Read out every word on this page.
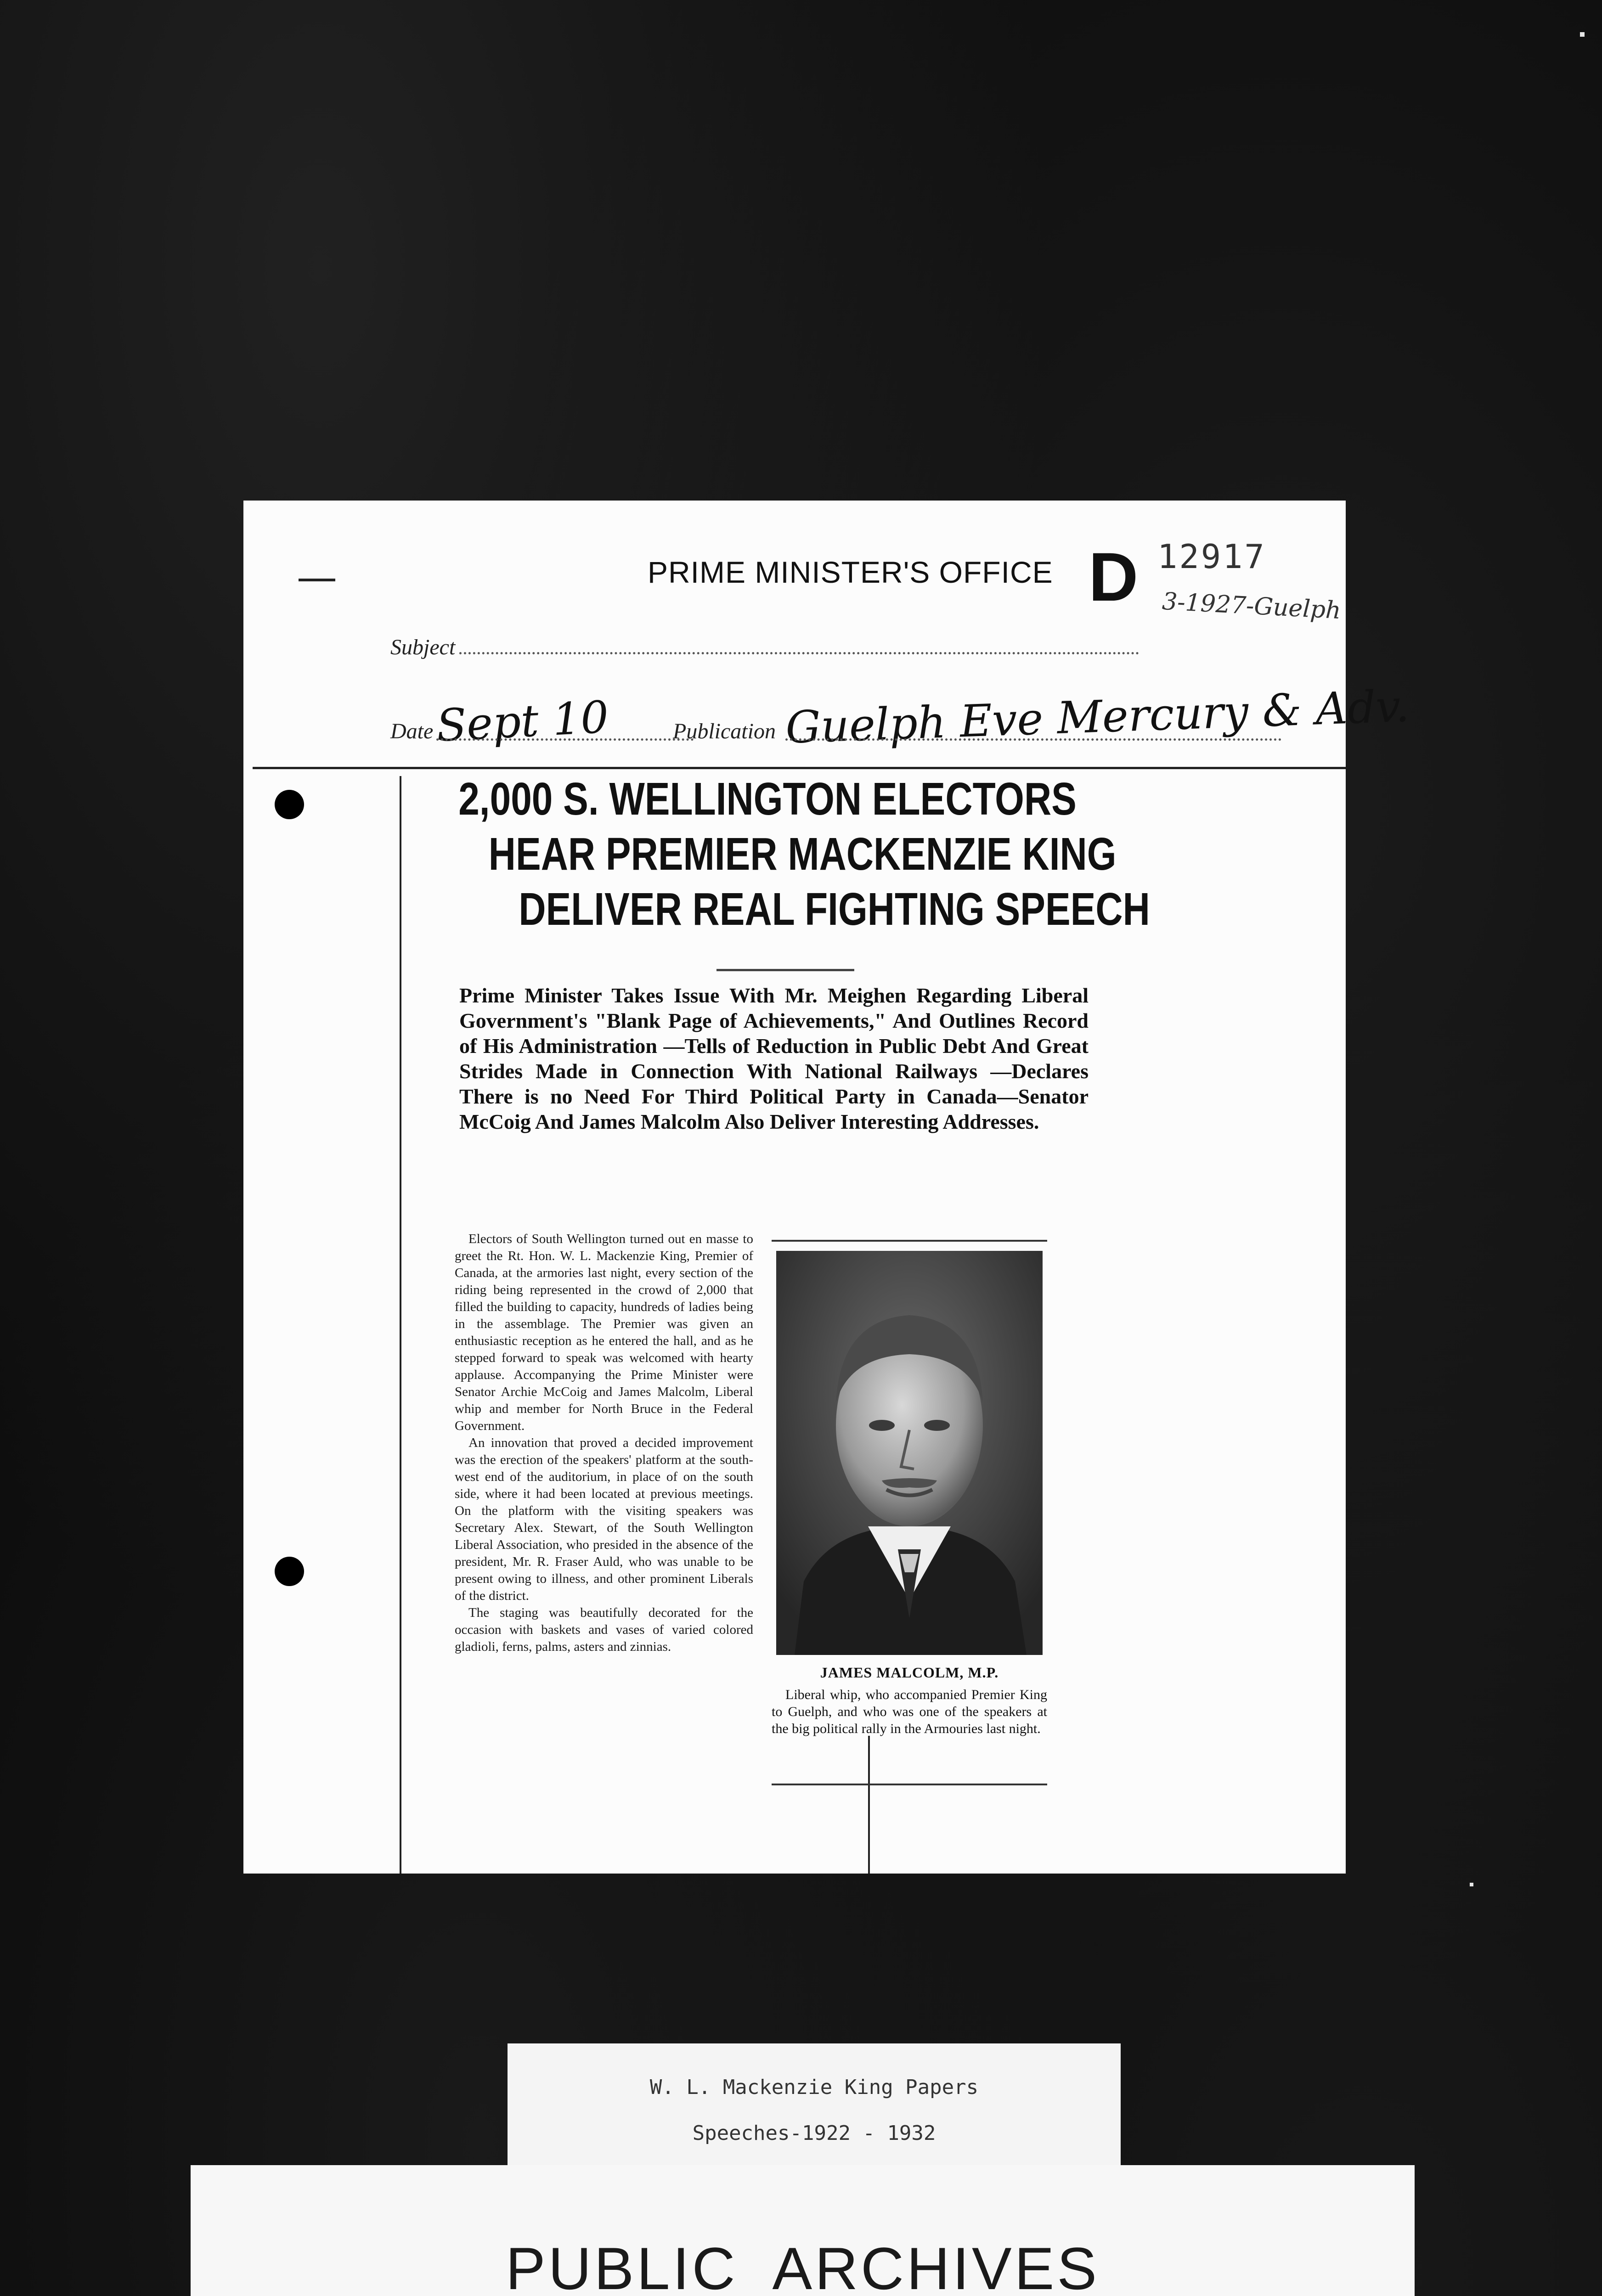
PRIME MINISTER'S OFFICE D 12917
3-1927-Guelph
Subject
Date Sept 10	Publication Guelph Eve Mercury & Adv.
2,000 S. WELLINGTON ELECTORS
HEAR PREMIER MACKENZIE KING
DELIVER REAL FIGHTING SPEECH
Prime Minister Takes Issue With Mr. Meighen Regarding Liberal Government's "Blank Page of Achievements," And Outlines Record of His Administration —Tells of Reduction in Public Debt And Great Strides Made in Connection With National Railways —Declares There is no Need For Third Political Party in Canada—Senator McCoig And James Malcolm Also Deliver Interesting Addresses.

Electors of South Wellington turned out en masse to greet the Rt. Hon. W. L. Mackenzie King, Premier of Canada, at the armories last night, every section of the riding being represented in the crowd of 2,000 that filled the building to capacity, hundreds of ladies being in the assemblage. The Premier was given an enthusiastic reception as he entered the hall, and as he stepped forward to speak was welcomed with hearty applause. Accompanying the Prime Minister were Senator Archie McCoig and James Malcolm, Liberal whip and member for North Bruce in the Federal Government.

An innovation that proved a decided improvement was the erection of the speakers' platform at the south-west end of the auditorium, in place of on the south side, where it had been located at previous meetings. On the platform with the visiting speakers was Secretary Alex. Stewart, of the South Wellington Liberal Association, who presided in the absence of the president, Mr. R. Fraser Auld, who was unable to be present owing to illness, and other prominent Liberals of the district.

The staging was beautifully decorated for the occasion with baskets and vases of varied colored gladioli, ferns, palms, asters and zinnias.

JAMES MALCOLM, M.P.
Liberal whip, who accompanied Premier King to Guelph, and who was one of the speakers at the big political rally in the Armouries last night.
W. L. Mackenzie King Papers
Speeches-1922 - 1932
PUBLIC ARCHIVES
